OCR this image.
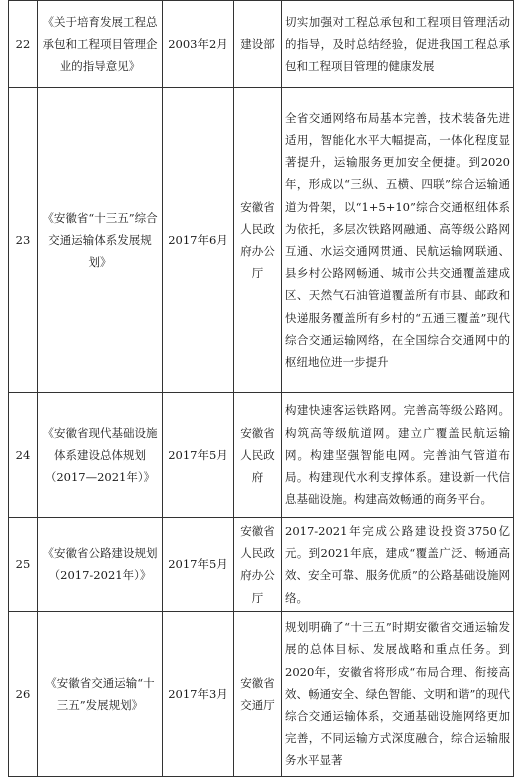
22	《关于培育发展工程总承包和工程项目管理企业的指导意见》	2003年2月	建设部	切实加强对工程总承包和工程项目管理活动的指导，及时总结经验，促进我国工程总承包和工程项目管理的健康发展
23	《安徽省“十三五”综合交通运输体系发展规划》	2017年6月	安徽省人民政府办公厅	全省交通网络布局基本完善，技术装备先进适用，智能化水平大幅提高，一体化程度显著提升，运输服务更加安全便捷。到2020年，形成以“三纵、五横、四联”综合运输通道为骨架，以“1+5+10”综合交通枢纽体系为依托，多层次铁路网融通、高等级公路网互通、水运交通网贯通、民航运输网联通、县乡村公路网畅通、城市公共交通覆盖建成区、天然气石油管道覆盖所有市县、邮政和快递服务覆盖所有乡村的“五通三覆盖”现代综合交通运输网络，在全国综合交通网中的枢纽地位进一步提升
24	《安徽省现代基础设施体系建设总体规划（2017—2021年）》	2017年5月	安徽省人民政府	构建快速客运铁路网。完善高等级公路网。构筑高等级航道网。建立广覆盖民航运输网。构建坚强智能电网。完善油气管道布局。构建现代水利支撑体系。建设新一代信息基础设施。构建高效畅通的商务平台。
25	《安徽省公路建设规划（2017-2021年）》	2017年5月	安徽省人民政府办公厅	2017-2021年完成公路建设投资3750亿元。到2021年底，建成“覆盖广泛、畅通高效、安全可靠、服务优质”的公路基础设施网络。
26	《安徽省交通运输“十三五”发展规划》	2017年3月	安徽省交通厅	规划明确了“十三五”时期安徽省交通运输发展的总体目标、发展战略和重点任务。到2020年，安徽省将形成“布局合理、衔接高效、畅通安全、绿色智能、文明和谐”的现代综合交通运输体系，交通基础设施网络更加完善，不同运输方式深度融合，综合运输服务水平显著
